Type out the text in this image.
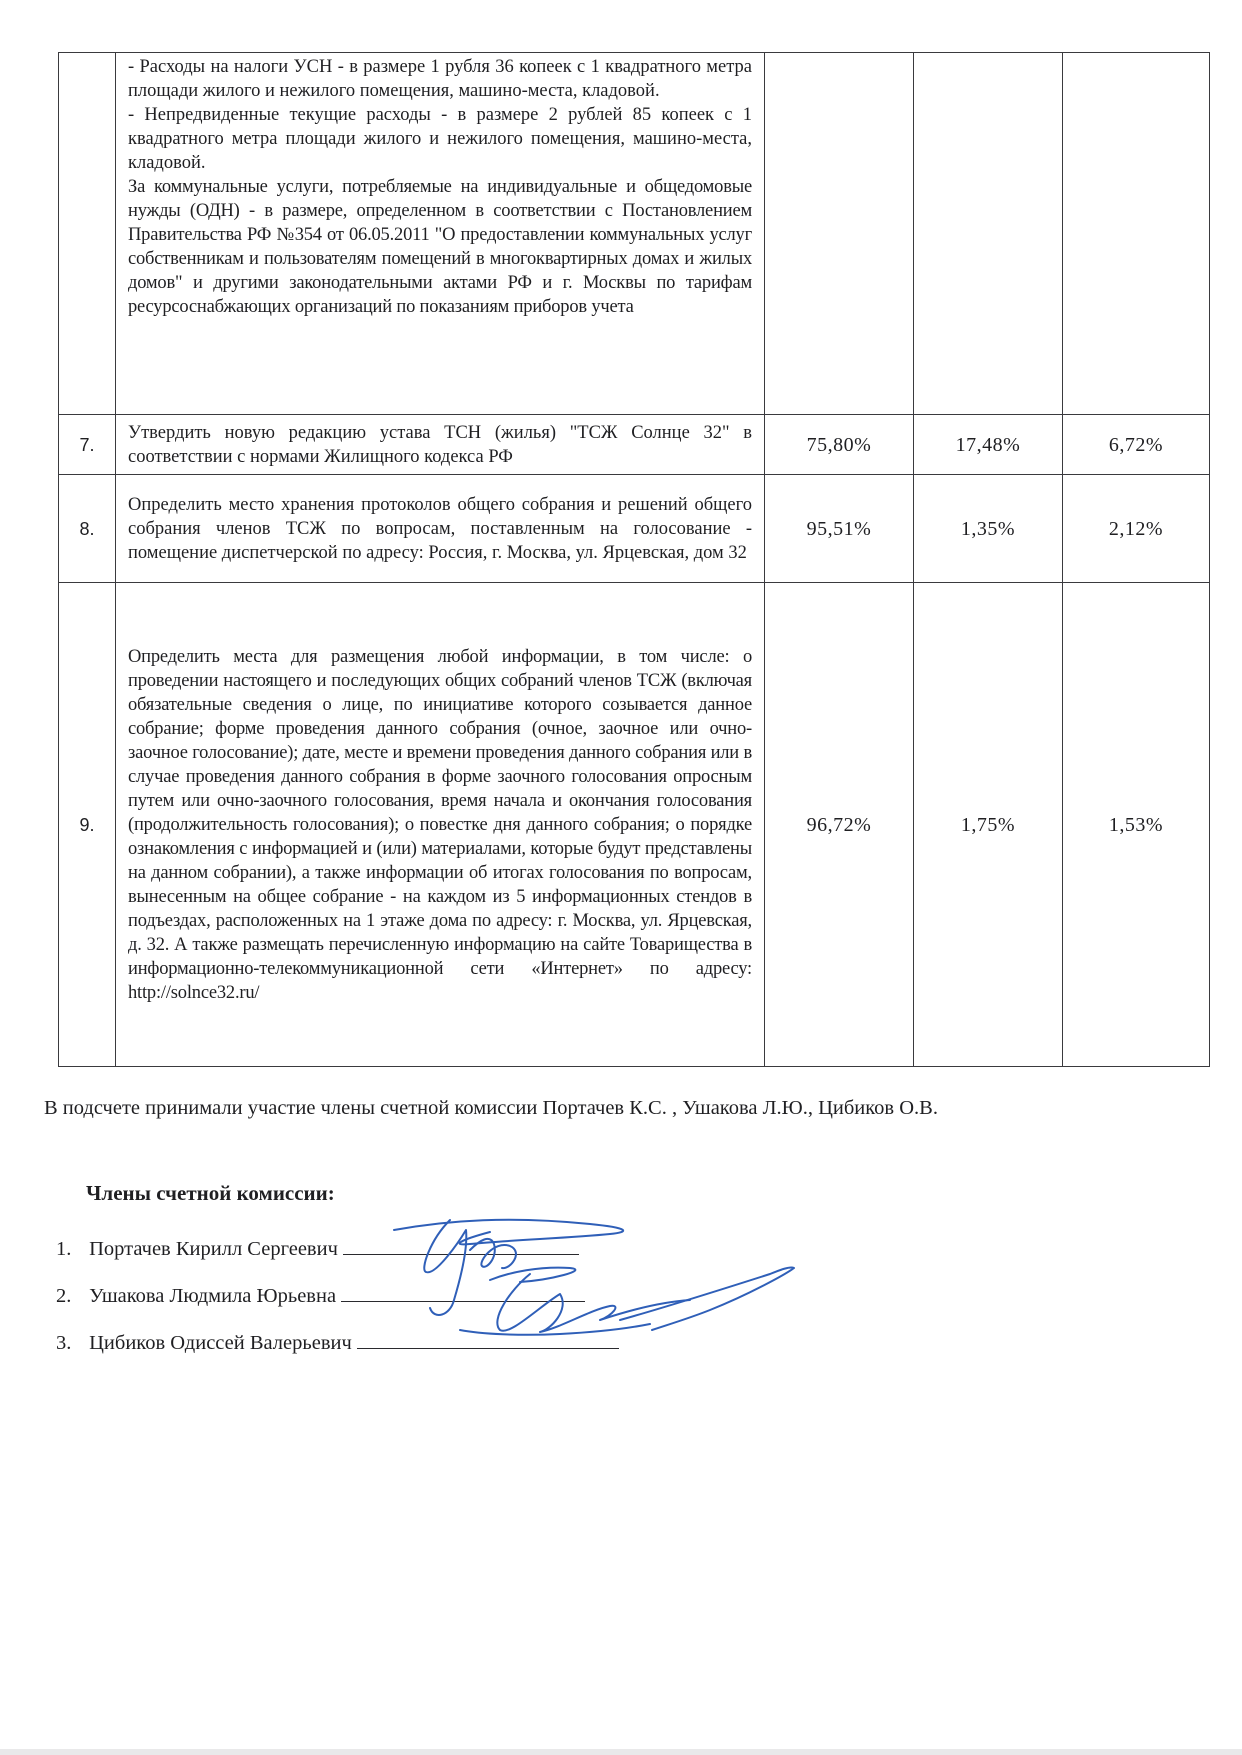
	- Расходы на налоги УСН - в размере 1 рубля 36 копеек с 1 квадратного метра площади жилого и нежилого помещения, машино-места, кладовой.

- Непредвиденные текущие расходы - в размере 2 рублей 85 копеек с 1 квадратного метра площади жилого и нежилого помещения, машино-места, кладовой.

За коммунальные услуги, потребляемые на индивидуальные и общедомовые нужды (ОДН) - в размере, определенном в соответствии с Постановлением Правительства РФ №354 от 06.05.2011 "О предоставлении коммунальных услуг собственникам и пользователям помещений в многоквартирных домах и жилых домов" и другими законодательными актами РФ и г. Москвы по тарифам ресурсоснабжающих организаций по показаниям приборов учета			

7.	Утвердить новую редакцию устава ТСН (жилья) "ТСЖ Солнце 32" в соответствии с нормами Жилищного кодекса РФ	75,80%	17,48%	6,72%
8.	Определить место хранения протоколов общего собрания и решений общего собрания членов ТСЖ по вопросам, поставленным на голосование - помещение диспетчерской по адресу: Россия, г. Москва, ул. Ярцевская, дом 32	95,51%	1,35%	2,12%
9.	Определить места для размещения любой информации, в том числе: о проведении настоящего и последующих общих собраний членов ТСЖ (включая обязательные сведения о лице, по инициативе которого созывается данное собрание; форме проведения данного собрания (очное, заочное или очно-заочное голосование); дате, месте и времени проведения данного собрания или в случае проведения данного собрания в форме заочного голосования опросным путем или очно-заочного голосования, время начала и окончания голосования (продолжительность голосования); о повестке дня данного собрания; о порядке ознакомления с информацией и (или) материалами, которые будут представлены на данном собрании), а также информации об итогах голосования по вопросам, вынесенным на общее собрание - на каждом из 5 информационных стендов в подъездах, расположенных на 1 этаже дома по адресу: г. Москва, ул. Ярцевская, д. 32. А также размещать перечисленную информацию на сайте Товарищества в информационно-телекоммуникационной сети «Интернет» по адресу: http://solnce32.ru/	96,72%	1,75%	1,53%
В подсчете принимали участие члены счетной комиссии Портачев К.С. , Ушакова Л.Ю., Цибиков О.В.
Члены счетной комиссии:
1. Портачев Кирилл Сергеевич
2. Ушакова Людмила Юрьевна
3. Цибиков Одиссей Валерьевич
